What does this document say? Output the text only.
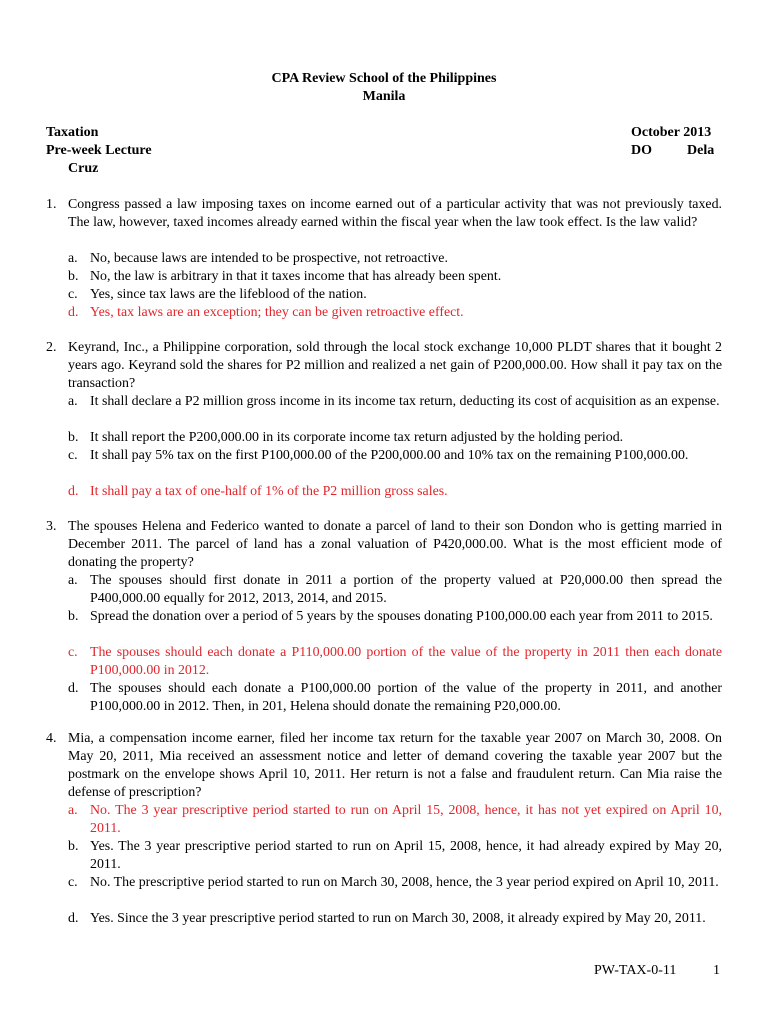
CPA Review School of the Philippines
Manila
Taxation	October 2013
Pre-week Lecture	DO          Dela
Cruz
1. Congress passed a law imposing taxes on income earned out of a particular activity that was not previously taxed. The law, however, taxed incomes already earned within the fiscal year when the law took effect. Is the law valid?
a. No, because laws are intended to be prospective, not retroactive.
b. No, the law is arbitrary in that it taxes income that has already been spent.
c. Yes, since tax laws are the lifeblood of the nation.
d. Yes, tax laws are an exception; they can be given retroactive effect.
2. Keyrand, Inc., a Philippine corporation, sold through the local stock exchange 10,000 PLDT shares that it bought 2 years ago. Keyrand sold the shares for P2 million and realized a net gain of P200,000.00. How shall it pay tax on the transaction?
a. It shall declare a P2 million gross income in its income tax return, deducting its cost of acquisition as an expense.
b. It shall report the P200,000.00 in its corporate income tax return adjusted by the holding period.
c. It shall pay 5% tax on the first P100,000.00 of the P200,000.00 and 10% tax on the remaining P100,000.00.
d. It shall pay a tax of one-half of 1% of the P2 million gross sales.
3. The spouses Helena and Federico wanted to donate a parcel of land to their son Dondon who is getting married in December 2011. The parcel of land has a zonal valuation of P420,000.00. What is the most efficient mode of donating the property?
a. The spouses should first donate in 2011 a portion of the property valued at P20,000.00 then spread the P400,000.00 equally for 2012, 2013, 2014, and 2015.
b. Spread the donation over a period of 5 years by the spouses donating P100,000.00 each year from 2011 to 2015.
c. The spouses should each donate a P110,000.00 portion of the value of the property in 2011 then each donate P100,000.00 in 2012.
d. The spouses should each donate a P100,000.00 portion of the value of the property in 2011, and another P100,000.00 in 2012. Then, in 201, Helena should donate the remaining P20,000.00.
4. Mia, a compensation income earner, filed her income tax return for the taxable year 2007 on March 30, 2008. On May 20, 2011, Mia received an assessment notice and letter of demand covering the taxable year 2007 but the postmark on the envelope shows April 10, 2011. Her return is not a false and fraudulent return. Can Mia raise the defense of prescription?
a. No. The 3 year prescriptive period started to run on April 15, 2008, hence, it has not yet expired on April 10, 2011.
b. Yes. The 3 year prescriptive period started to run on April 15, 2008, hence, it had already expired by May 20, 2011.
c. No. The prescriptive period started to run on March 30, 2008, hence, the 3 year period expired on April 10, 2011.
d. Yes. Since the 3 year prescriptive period started to run on March 30, 2008, it already expired by May 20, 2011.
PW-TAX-0-11	1
